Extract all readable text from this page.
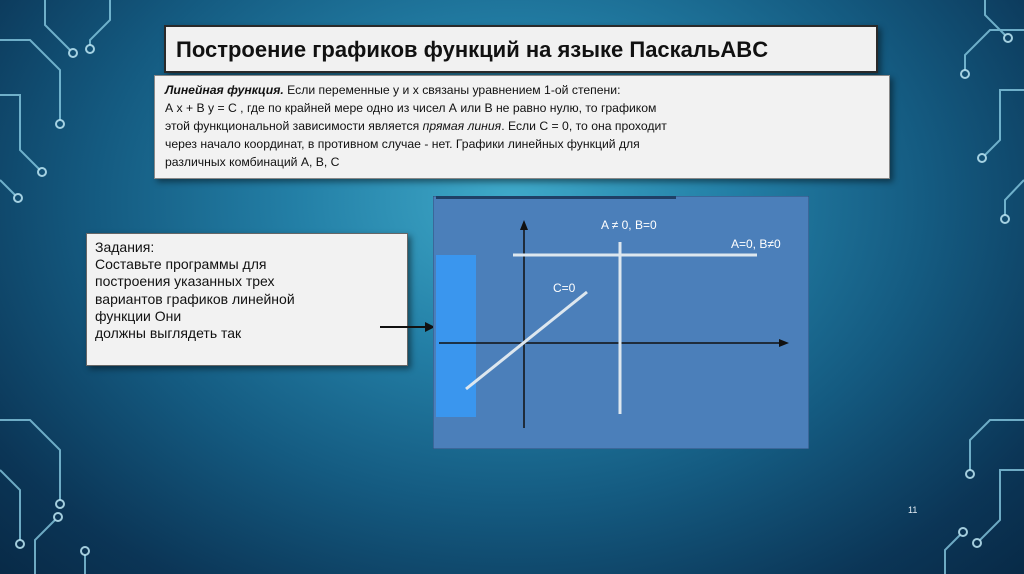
Построение графиков функций на языке ПаскальABC

Линейная функция. Если переменные у и х связаны уравнением 1-ой степени:

А х + В у = С , где по крайней мере одно из чисел А или В не равно нулю, то графиком

этой функциональной зависимости является прямая линия. Если С = 0, то она проходит

через начало координат, в противном случае - нет. Графики линейных функций для

различных комбинаций А, В, С

Задания:
Составьте программы для
построения указанных трех
вариантов графиков линейной
функции Они
должны выглядеть так
A ≠ 0, B=0
A=0, B≠0
C=0
11
